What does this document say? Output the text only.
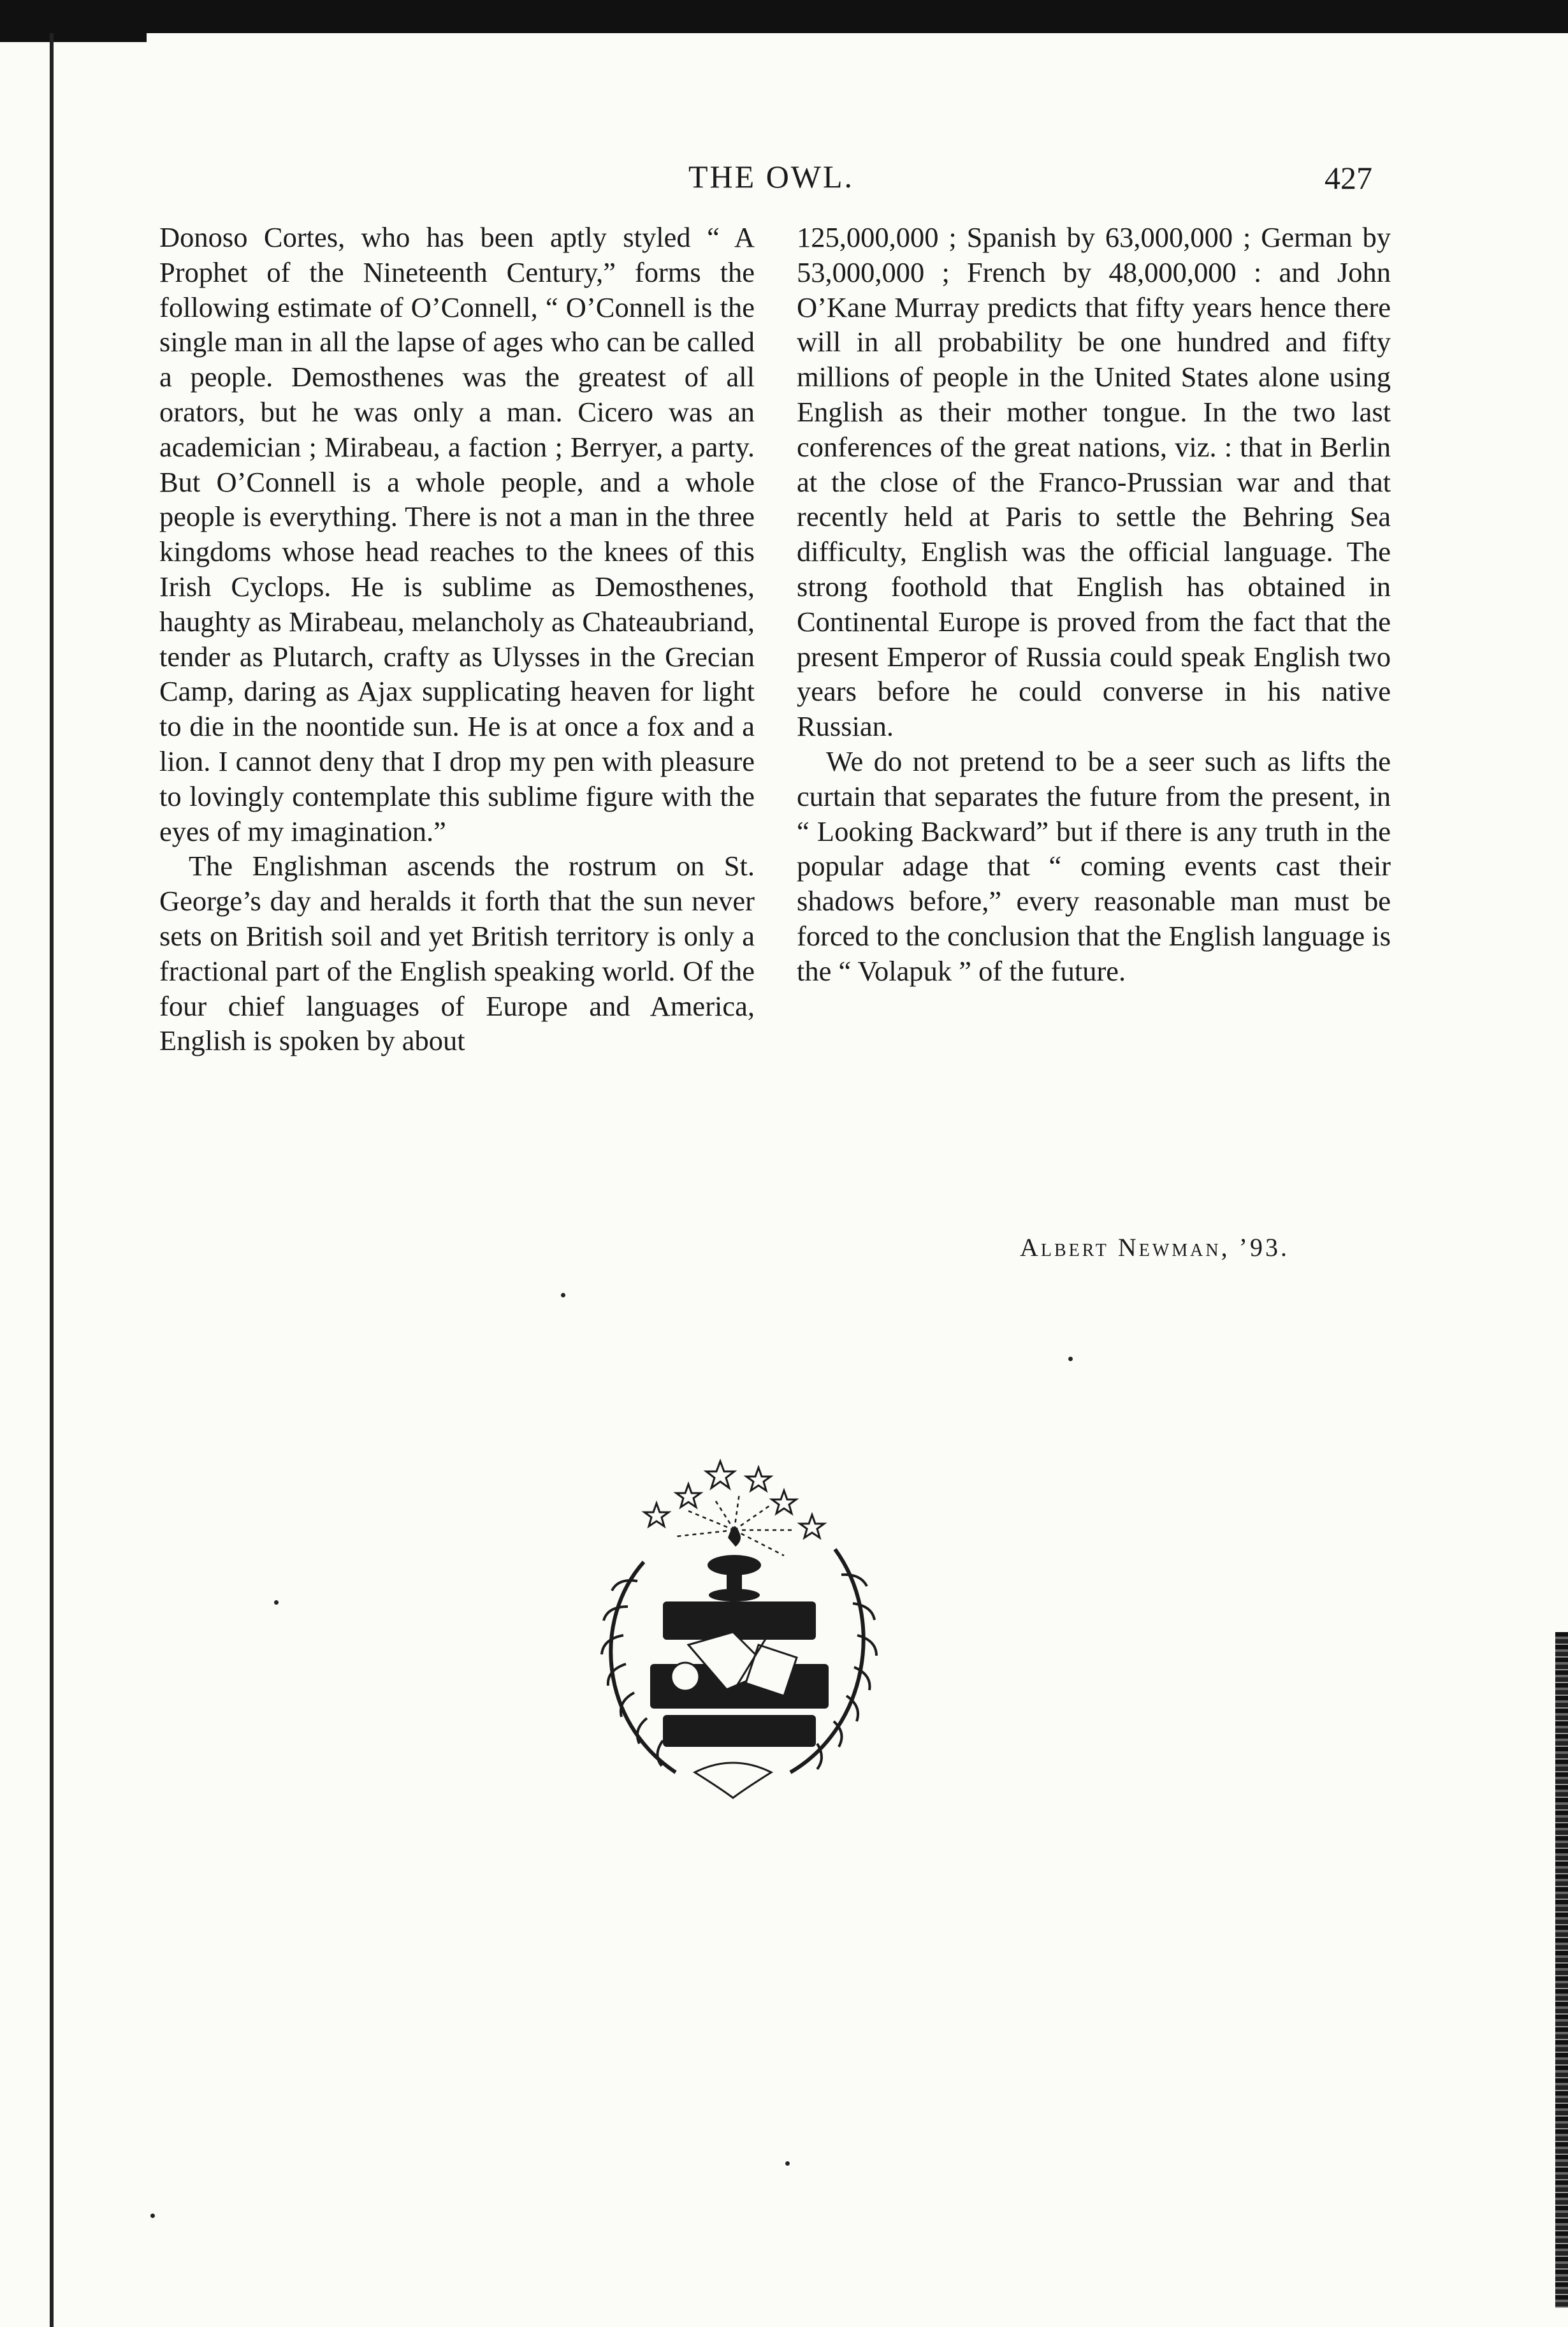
THE OWL.	427

Donoso Cortes, who has been aptly styled “ A Prophet of the Nineteenth Century,” forms the following estimate of O’Connell, “ O’Connell is the single man in all the lapse of ages who can be called a people. Demosthenes was the greatest of all orators, but he was only a man. Cicero was an academician ; Mirabeau, a faction ; Berryer, a party. But O’Connell is a whole people, and a whole people is everything. There is not a man in the three kingdoms whose head reaches to the knees of this Irish Cyclops. He is sublime as Demosthenes, haughty as Mirabeau, melancholy as Chateaubriand, tender as Plutarch, crafty as Ulysses in the Grecian Camp, daring as Ajax supplicating heaven for light to die in the noontide sun. He is at once a fox and a lion. I cannot deny that I drop my pen with pleasure to lovingly contemplate this sublime figure with the eyes of my imagination.”

The Englishman ascends the rostrum on St. George’s day and heralds it forth that the sun never sets on British soil and yet British territory is only a fractional part of the English speaking world. Of the four chief languages of Europe and America, English is spoken by about

125,000,000 ; Spanish by 63,000,000 ; German by 53,000,000 ; French by 48,000,000 : and John O’Kane Murray predicts that fifty years hence there will in all probability be one hundred and fifty millions of people in the United States alone using English as their mother tongue. In the two last conferences of the great nations, viz. : that in Berlin at the close of the Franco-Prussian war and that recently held at Paris to settle the Behring Sea difficulty, English was the official language. The strong foothold that English has obtained in Continental Europe is proved from the fact that the present Emperor of Russia could speak English two years before he could converse in his native Russian.

We do not pretend to be a seer such as lifts the curtain that separates the future from the present, in “ Looking Backward” but if there is any truth in the popular adage that “ coming events cast their shadows before,” every reasonable man must be forced to the conclusion that the English language is the “ Volapuk ” of the future.

Albert Newman, ’93.
